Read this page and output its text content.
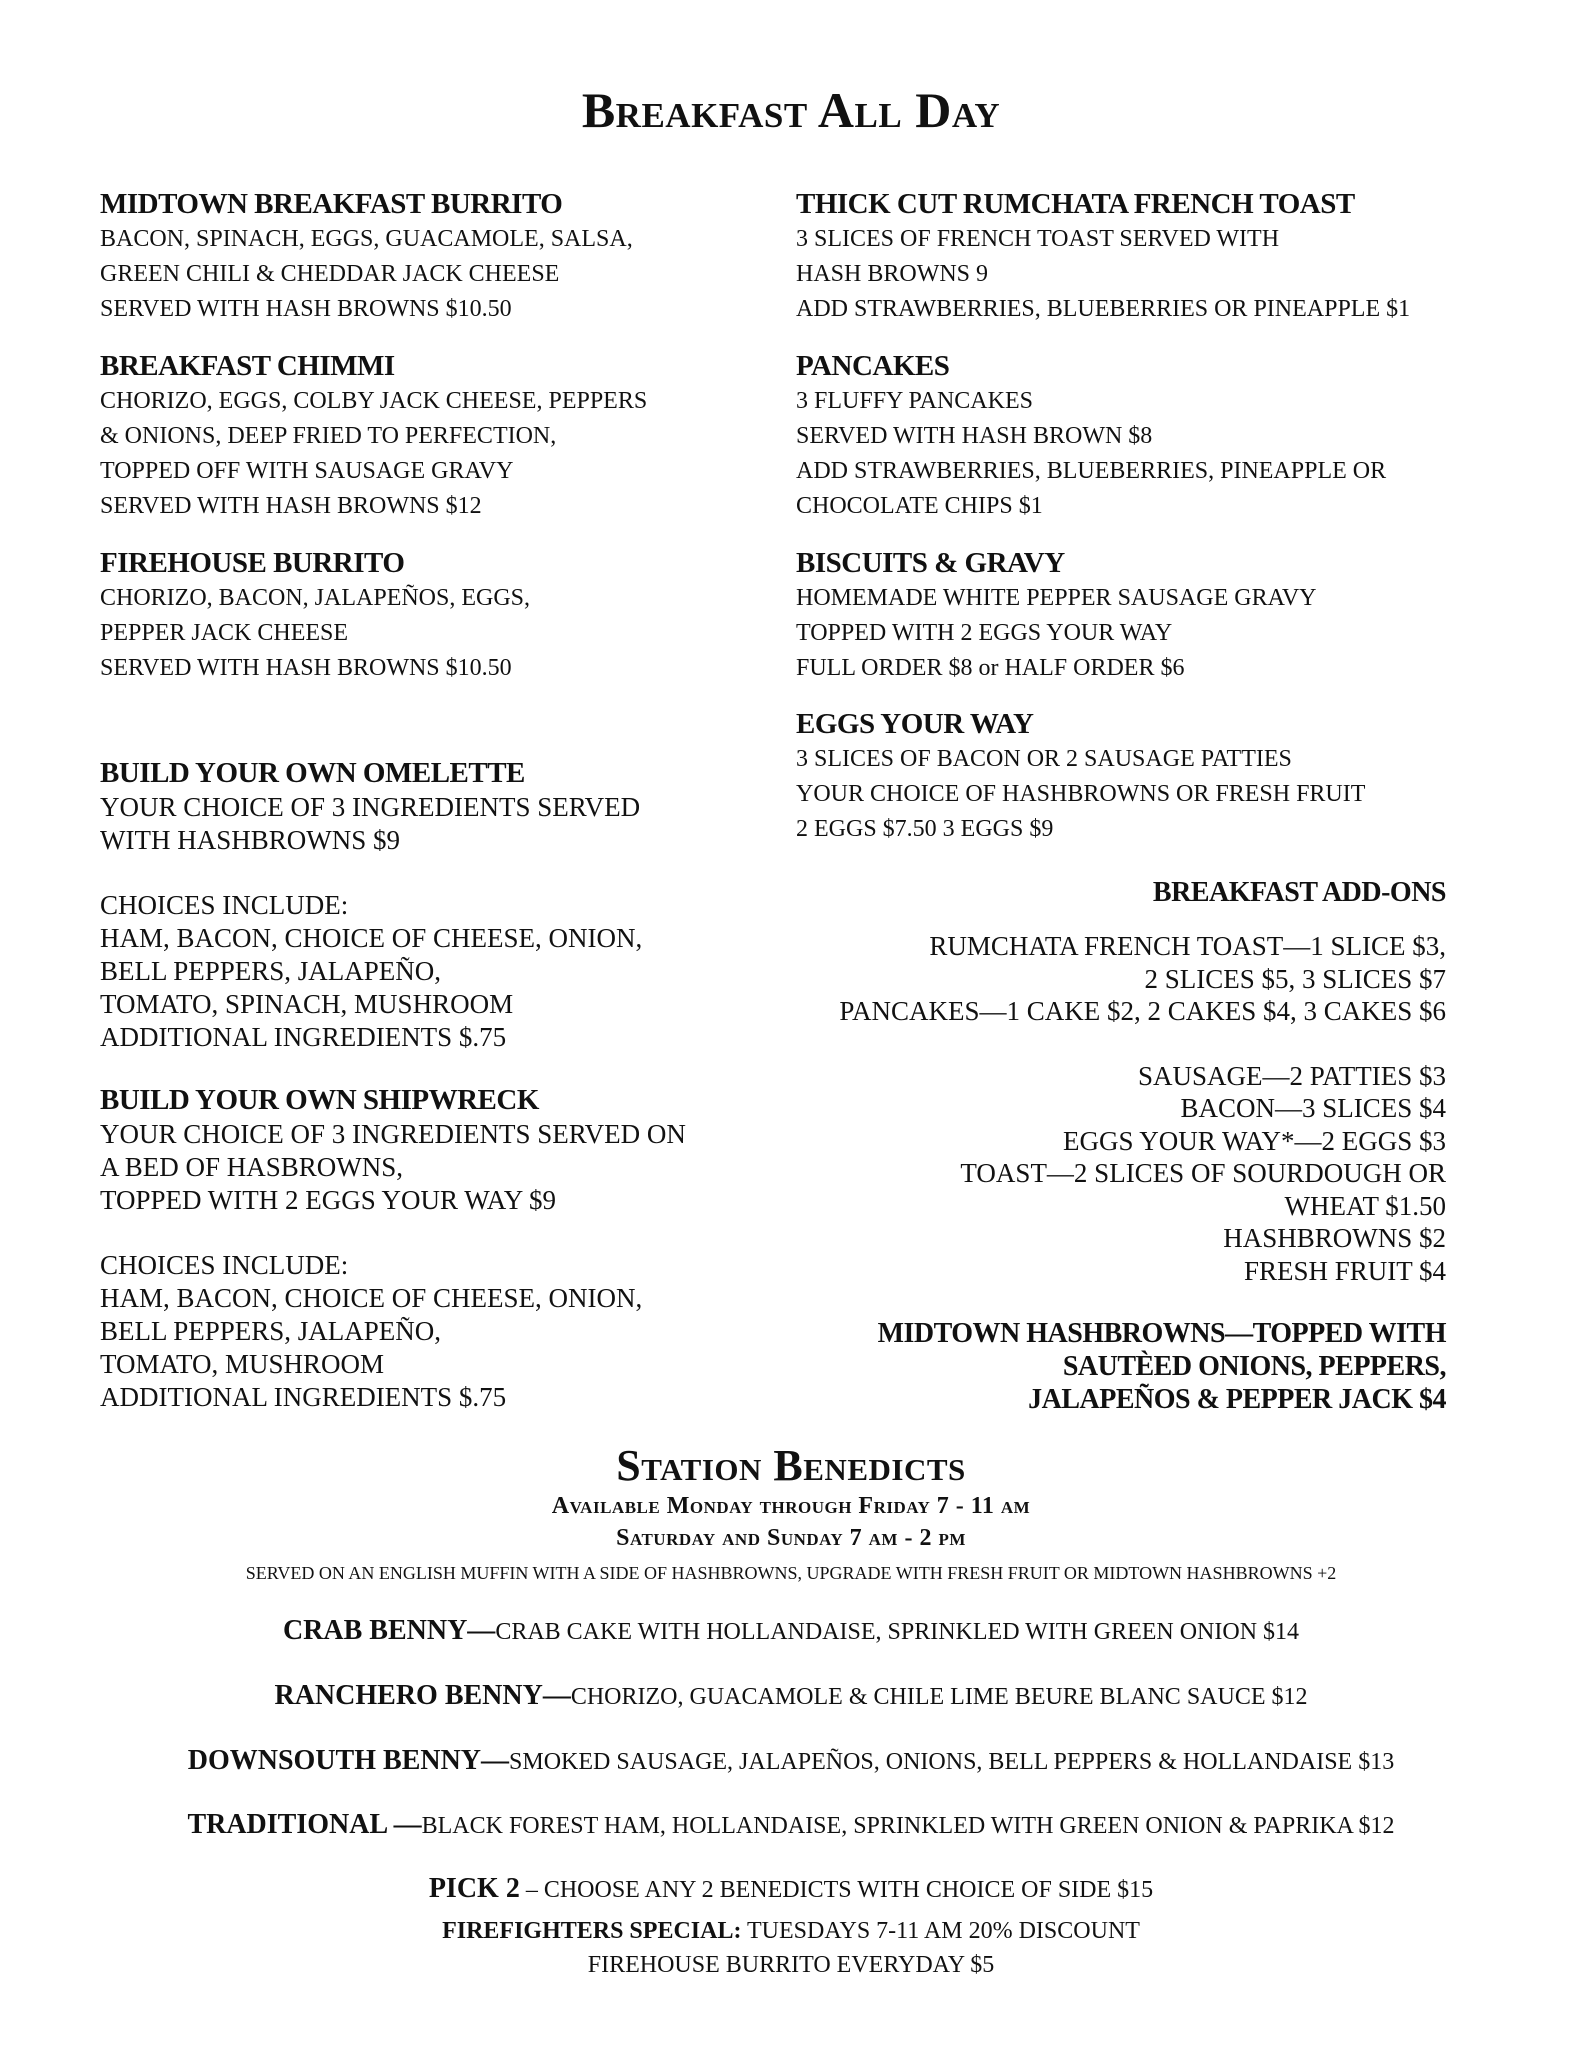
Breakfast All Day
MIDTOWN BREAKFAST BURRITO
BACON, SPINACH, EGGS, GUACAMOLE, SALSA,
GREEN CHILI & CHEDDAR JACK CHEESE
SERVED WITH HASH BROWNS $10.50
BREAKFAST CHIMMI
CHORIZO, EGGS, COLBY JACK CHEESE, PEPPERS
& ONIONS, DEEP FRIED TO PERFECTION,
TOPPED OFF WITH SAUSAGE GRAVY
SERVED WITH HASH BROWNS $12
FIREHOUSE BURRITO
CHORIZO, BACON, JALAPEÑOS, EGGS,
PEPPER JACK CHEESE
SERVED WITH HASH BROWNS $10.50
BUILD YOUR OWN OMELETTE
YOUR CHOICE OF 3 INGREDIENTS SERVED
WITH HASHBROWNS $9
CHOICES INCLUDE:
HAM, BACON, CHOICE OF CHEESE, ONION,
BELL PEPPERS, JALAPEÑO,
TOMATO, SPINACH, MUSHROOM
ADDITIONAL INGREDIENTS $.75
BUILD YOUR OWN SHIPWRECK
YOUR CHOICE OF 3 INGREDIENTS SERVED ON
A BED OF HASBROWNS,
TOPPED WITH 2 EGGS YOUR WAY $9
CHOICES INCLUDE:
HAM, BACON, CHOICE OF CHEESE, ONION,
BELL PEPPERS, JALAPEÑO,
TOMATO, MUSHROOM
ADDITIONAL INGREDIENTS $.75
THICK CUT RUMCHATA FRENCH TOAST
3 SLICES OF FRENCH TOAST SERVED WITH
HASH BROWNS 9
ADD STRAWBERRIES, BLUEBERRIES OR PINEAPPLE $1
PANCAKES
3 FLUFFY PANCAKES
SERVED WITH HASH BROWN $8
ADD STRAWBERRIES, BLUEBERRIES, PINEAPPLE OR
CHOCOLATE CHIPS $1
BISCUITS & GRAVY
HOMEMADE WHITE PEPPER SAUSAGE GRAVY
TOPPED WITH 2 EGGS YOUR WAY
FULL ORDER $8 or HALF ORDER $6
EGGS YOUR WAY
3 SLICES OF BACON OR 2 SAUSAGE PATTIES
YOUR CHOICE OF HASHBROWNS OR FRESH FRUIT
2 EGGS $7.50 3 EGGS $9
BREAKFAST ADD-ONS
RUMCHATA FRENCH TOAST—1 SLICE $3,
2 SLICES $5, 3 SLICES $7
PANCAKES—1 CAKE $2, 2 CAKES $4, 3 CAKES $6
SAUSAGE—2 PATTIES $3
BACON—3 SLICES $4
EGGS YOUR WAY*—2 EGGS $3
TOAST—2 SLICES OF SOURDOUGH OR
WHEAT $1.50
HASHBROWNS $2
FRESH FRUIT $4
MIDTOWN HASHBROWNS—TOPPED WITH
SAUTÈED ONIONS, PEPPERS,
JALAPEÑOS & PEPPER JACK $4
Station Benedicts
Available Monday through Friday 7 - 11 am
Saturday and Sunday 7 am - 2 pm
SERVED ON AN ENGLISH MUFFIN WITH A SIDE OF HASHBROWNS, UPGRADE WITH FRESH FRUIT OR MIDTOWN HASHBROWNS +2
CRAB BENNY—CRAB CAKE WITH HOLLANDAISE, SPRINKLED WITH GREEN ONION $14
RANCHERO BENNY—CHORIZO, GUACAMOLE & CHILE LIME BEURE BLANC SAUCE $12
DOWNSOUTH BENNY—SMOKED SAUSAGE, JALAPEÑOS, ONIONS, BELL PEPPERS & HOLLANDAISE $13
TRADITIONAL —BLACK FOREST HAM, HOLLANDAISE, SPRINKLED WITH GREEN ONION & PAPRIKA $12
PICK 2 – CHOOSE ANY 2 BENEDICTS WITH CHOICE OF SIDE $15
FIREFIGHTERS SPECIAL: TUESDAYS 7-11 AM 20% DISCOUNT
FIREHOUSE BURRITO EVERYDAY $5
